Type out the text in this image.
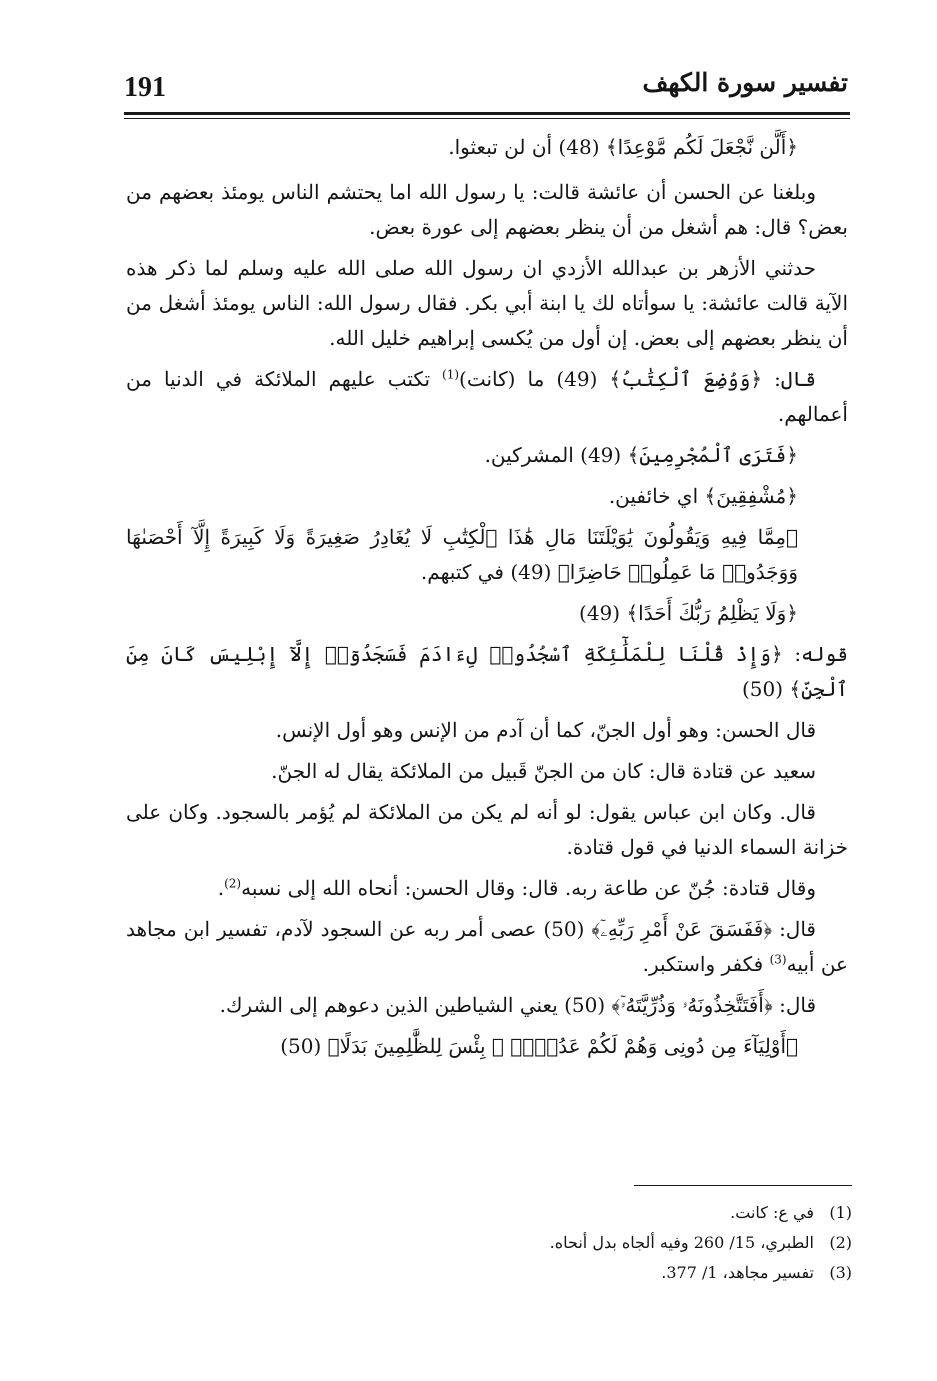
191	تفسير سورة الكهف

﴿أَلَّن نَّجْعَلَ لَكُم مَّوْعِدًا﴾ (48) أن لن تبعثوا.

وبلغنا عن الحسن أن عائشة قالت: يا رسول الله اما يحتشم الناس يومئذ بعضهم من بعض؟ قال: هم أشغل من أن ينظر بعضهم إلى عورة بعض.

حدثني الأزهر بن عبدالله الأزدي ان رسول الله صلى الله عليه وسلم لما ذكر هذه الآية قالت عائشة: يا سوأتاه لك يا ابنة أبي بكر. فقال رسول الله: الناس يومئذ أشغل من أن ينظر بعضهم إلى بعض. إن أول من يُكسى إبراهيم خليل الله.

قال: ﴿وَوُضِعَ ٱلْكِتَٰبُ﴾ (49) ما (كانت)$^{(1)}$ تكتب عليهم الملائكة في الدنيا من أعمالهم.

﴿فَتَرَى ٱلْمُجْرِمِينَ﴾ (49) المشركين.

﴿مُشْفِقِينَ﴾ اي خائفين.

﴿مِمَّا فِيهِ وَيَقُولُونَ يَٰوَيْلَتَنَا مَالِ هَٰذَا ٱلْكِتَٰبِ لَا يُغَادِرُ صَغِيرَةً وَلَا كَبِيرَةً إِلَّآ أَحْصَىٰهَا وَوَجَدُوا۟ مَا عَمِلُوا۟ حَاضِرًا﴾ (49) في كتبهم.

﴿وَلَا يَظْلِمُ رَبُّكَ أَحَدًا﴾ (49)

قوله: ﴿وَإِذْ قُلْنَا لِلْمَلَٰٓئِكَةِ ٱسْجُدُوا۟ لِءَادَمَ فَسَجَدُوٓا۟ إِلَّآ إِبْلِيسَ كَانَ مِنَ ٱلْجِنِّ﴾ (50)

قال الحسن: وهو أول الجنّ، كما أن آدم من الإنس وهو أول الإنس.

سعيد عن قتادة قال: كان من الجنّ قَبيل من الملائكة يقال له الجنّ.

قال. وكان ابن عباس يقول: لو أنه لم يكن من الملائكة لم يُؤمر بالسجود. وكان على خزانة السماء الدنيا في قول قتادة.

وقال قتادة: جُنّ عن طاعة ربه. قال: وقال الحسن: أنحاه الله إلى نسبه$^{(2)}$.

قال: ﴿فَفَسَقَ عَنْ أَمْرِ رَبِّهِۦٓ﴾ (50) عصى أمر ربه عن السجود لآدم، تفسير ابن مجاهد عن أبيه$^{(3)}$ فكفر واستكبر.

قال: ﴿أَفَتَتَّخِذُونَهُۥ وَذُرِّيَّتَهُۥٓ﴾ (50) يعني الشياطين الذين دعوهم إلى الشرك.

﴿أَوْلِيَآءَ مِن دُونِى وَهُمْ لَكُمْ عَدُوٌّۢ ۚ بِئْسَ لِلظَّٰلِمِينَ بَدَلًا﴾ (50)

(1)في ع: كانت.

(2)الطبري، 15/ 260 وفيه ألجاه بدل أنحاه.

(3)تفسير مجاهد، 1/ 377.
